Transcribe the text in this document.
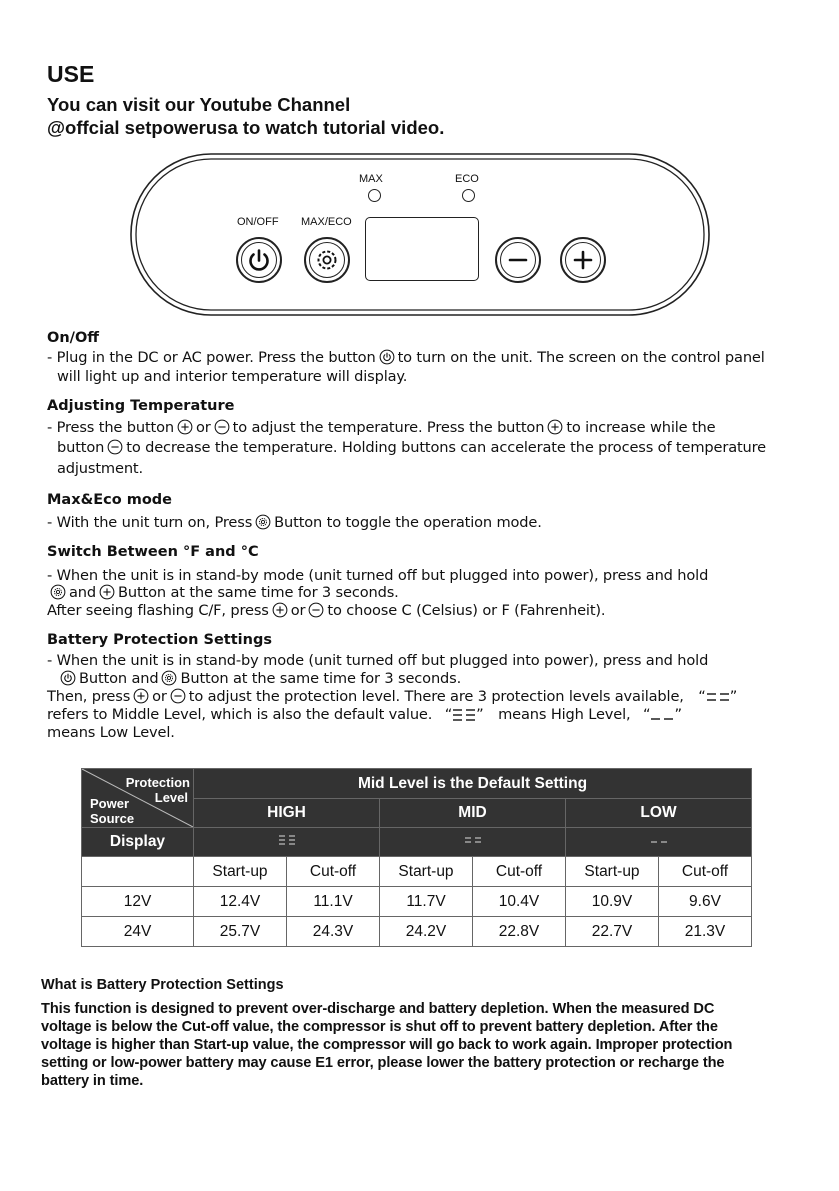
USE

You can visit our Youtube Channel

@offcial setpowerusa to watch tutorial video.

MAX	ECO
ON/OFF MAX/ECO
On/Off
- Plug in the DC or AC power. Press the button to turn on the unit. The screen on the control panel
will light up and interior temperature will display.
Adjusting Temperature
- Press the button or to adjust the temperature. Press the button to increase while the
button to decrease the temperature. Holding buttons can accelerate the process of temperature
adjustment.
Max&Eco mode
- With the unit turn on, Press Button to toggle the operation mode.
Switch Between °F and °C
- When the unit is in stand-by mode (unit turned off but plugged into power), press and hold
and Button at the same time for 3 seconds.
After seeing flashing C/F, press or to choose C (Celsius) or F (Fahrenheit).
Battery Protection Settings
- When the unit is in stand-by mode (unit turned off but plugged into power), press and hold
Button and Button at the same time for 3 seconds.
Then, press or to adjust the protection level. There are 3 protection levels available, “ ”
refers to Middle Level, which is also the default value. “ ” means High Level, “ ”
means Low Level.
Protection
Level
Power
Source	Mid Level is the Default Setting					
	HIGH		MID		LOW	
Display			
	Start-up	Cut-off	Start-up	Cut-off	Start-up	Cut-off
12V	12.4V	11.1V	11.7V	10.4V	10.9V	9.6V
24V	25.7V	24.3V	24.2V	22.8V	22.7V	21.3V
What is Battery Protection Settings
This function is designed to prevent over-discharge and battery depletion. When the measured DC
voltage is below the Cut-off value, the compressor is shut off to prevent battery depletion. After the
voltage is higher than Start-up value, the compressor will go back to work again. Improper protection
setting or low-power battery may cause E1 error, please lower the battery protection or recharge the
battery in time.
